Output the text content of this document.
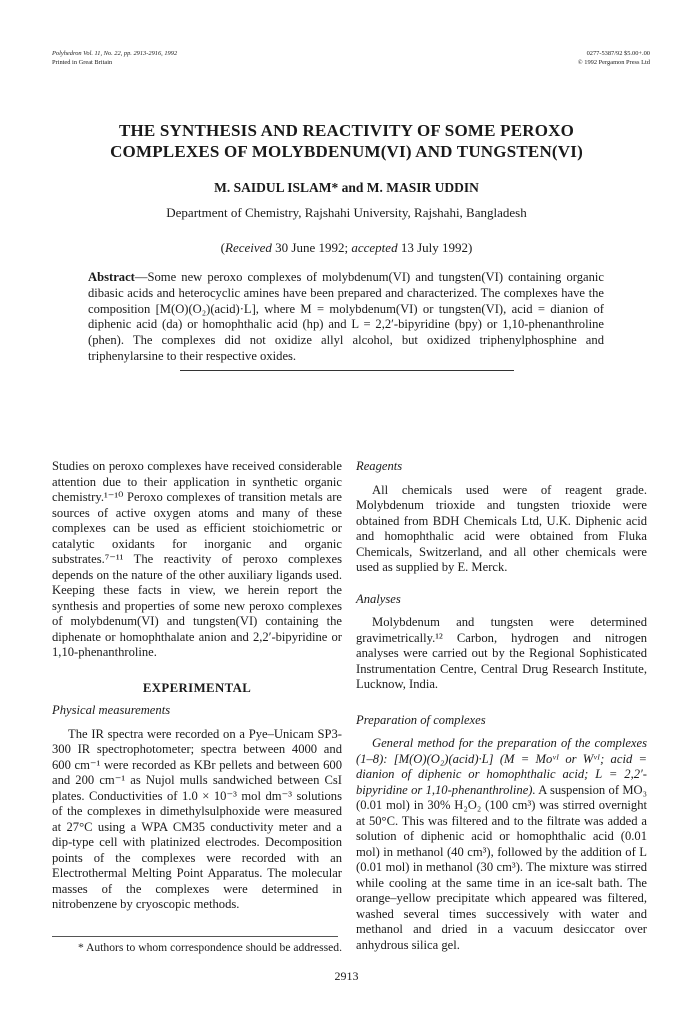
Polyhedron Vol. 11, No. 22, pp. 2913-2916, 1992
Printed in Great Britain
0277-5387/92 $5.00+.00
© 1992 Pergamon Press Ltd
THE SYNTHESIS AND REACTIVITY OF SOME PEROXO
COMPLEXES OF MOLYBDENUM(VI) AND TUNGSTEN(VI)
M. SAIDUL ISLAM* and M. MASIR UDDIN
Department of Chemistry, Rajshahi University, Rajshahi, Bangladesh
(Received 30 June 1992; accepted 13 July 1992)
Abstract—Some new peroxo complexes of molybdenum(VI) and tungsten(VI) containing organic dibasic acids and heterocyclic amines have been prepared and characterized. The complexes have the composition [M(O)(O₂)(acid)·L], where M = molybdenum(VI) or tungsten(VI), acid = dianion of diphenic acid (da) or homophthalic acid (hp) and L = 2,2′-bipyridine (bpy) or 1,10-phenanthroline (phen). The complexes did not oxidize allyl alcohol, but oxidized triphenylphosphine and triphenylarsine to their respective oxides.

Studies on peroxo complexes have received considerable attention due to their application in synthetic organic chemistry.¹⁻¹⁰ Peroxo complexes of transition metals are sources of active oxygen atoms and many of these complexes can be used as efficient stoichiometric or catalytic oxidants for inorganic and organic substrates.⁷⁻¹¹ The reactivity of peroxo complexes depends on the nature of the other auxiliary ligands used. Keeping these facts in view, we herein report the synthesis and properties of some new peroxo complexes of molybdenum(VI) and tungsten(VI) containing the diphenate or homophthalate anion and 2,2′-bipyridine or 1,10-phenanthroline.

EXPERIMENTAL
Physical measurements

The IR spectra were recorded on a Pye–Unicam SP3-300 IR spectrophotometer; spectra between 4000 and 600 cm⁻¹ were recorded as KBr pellets and between 600 and 200 cm⁻¹ as Nujol mulls sandwiched between CsI plates. Conductivities of 1.0 × 10⁻³ mol dm⁻³ solutions of the complexes in dimethylsulphoxide were measured at 27°C using a WPA CM35 conductivity meter and a dip-type cell with platinized electrodes. Decomposition points of the complexes were recorded with an Electrothermal Melting Point Apparatus. The molecular masses of the complexes were determined in nitrobenzene by cryoscopic methods.

* Authors to whom correspondence should be addressed.
Reagents

All chemicals used were of reagent grade. Molybdenum trioxide and tungsten trioxide were obtained from BDH Chemicals Ltd, U.K. Diphenic acid and homophthalic acid were obtained from Fluka Chemicals, Switzerland, and all other chemicals were used as supplied by E. Merck.

Analyses

Molybdenum and tungsten were determined gravimetrically.¹² Carbon, hydrogen and nitrogen analyses were carried out by the Regional Sophisticated Instrumentation Centre, Central Drug Research Institute, Lucknow, India.

Preparation of complexes

General method for the preparation of the complexes (1–8): [M(O)(O₂)(acid)·L] (M = Moᵛᴵ or Wᵛᴵ; acid = dianion of diphenic or homophthalic acid; L = 2,2′-bipyridine or 1,10-phenanthroline). A suspension of MO₃ (0.01 mol) in 30% H₂O₂ (100 cm³) was stirred overnight at 50°C. This was filtered and to the filtrate was added a solution of diphenic acid or homophthalic acid (0.01 mol) in methanol (40 cm³), followed by the addition of L (0.01 mol) in methanol (30 cm³). The mixture was stirred while cooling at the same time in an ice-salt bath. The orange–yellow precipitate which appeared was filtered, washed several times successively with water and methanol and dried in a vacuum desiccator over anhydrous silica gel.

2913
